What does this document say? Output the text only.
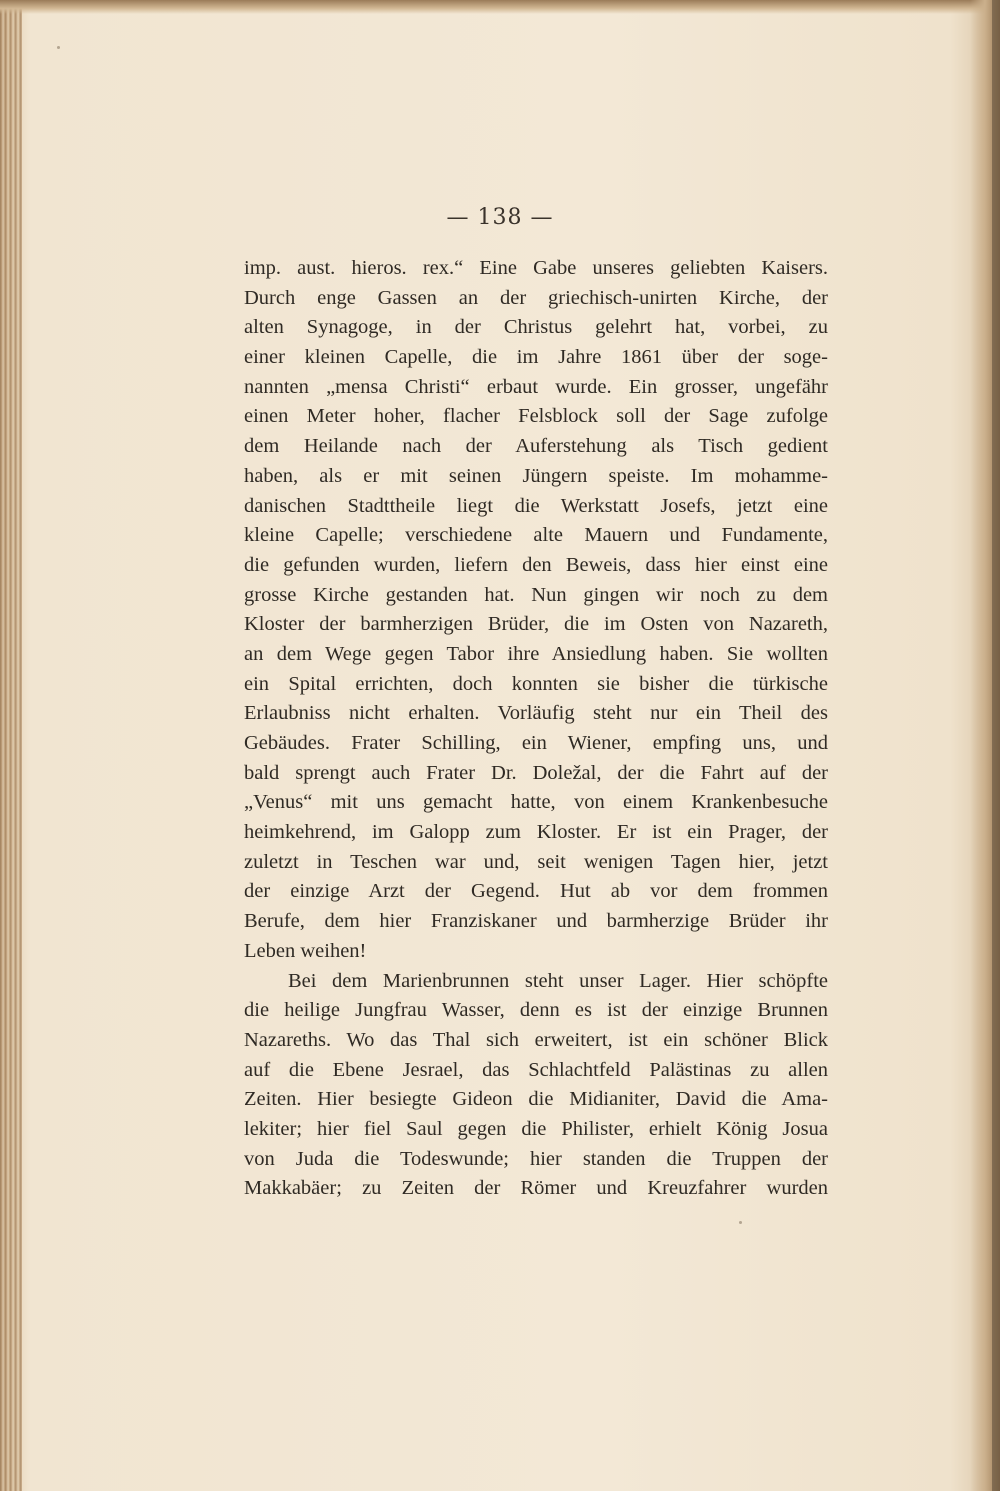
— 138 —
imp. aust. hieros. rex.“ Eine Gabe unseres geliebten Kaisers.
Durch enge Gassen an der griechisch-unirten Kirche, der
alten Synagoge, in der Christus gelehrt hat, vorbei, zu
einer kleinen Capelle, die im Jahre 1861 über der soge-
nannten „mensa Christi“ erbaut wurde. Ein grosser, ungefähr
einen Meter hoher, flacher Felsblock soll der Sage zufolge
dem Heilande nach der Auferstehung als Tisch gedient
haben, als er mit seinen Jüngern speiste. Im mohamme-
danischen Stadttheile liegt die Werkstatt Josefs, jetzt eine
kleine Capelle; verschiedene alte Mauern und Fundamente,
die gefunden wurden, liefern den Beweis, dass hier einst eine
grosse Kirche gestanden hat. Nun gingen wir noch zu dem
Kloster der barmherzigen Brüder, die im Osten von Nazareth,
an dem Wege gegen Tabor ihre Ansiedlung haben. Sie wollten
ein Spital errichten, doch konnten sie bisher die türkische
Erlaubniss nicht erhalten. Vorläufig steht nur ein Theil des
Gebäudes. Frater Schilling, ein Wiener, empfing uns, und
bald sprengt auch Frater Dr. Doležal, der die Fahrt auf der
„Venus“ mit uns gemacht hatte, von einem Krankenbesuche
heimkehrend, im Galopp zum Kloster. Er ist ein Prager, der
zuletzt in Teschen war und, seit wenigen Tagen hier, jetzt
der einzige Arzt der Gegend. Hut ab vor dem frommen
Berufe, dem hier Franziskaner und barmherzige Brüder ihr
Leben weihen!
Bei dem Marienbrunnen steht unser Lager. Hier schöpfte
die heilige Jungfrau Wasser, denn es ist der einzige Brunnen
Nazareths. Wo das Thal sich erweitert, ist ein schöner Blick
auf die Ebene Jesrael, das Schlachtfeld Palästinas zu allen
Zeiten. Hier besiegte Gideon die Midianiter, David die Ama-
lekiter; hier fiel Saul gegen die Philister, erhielt König Josua
von Juda die Todeswunde; hier standen die Truppen der
Makkabäer; zu Zeiten der Römer und Kreuzfahrer wurden
